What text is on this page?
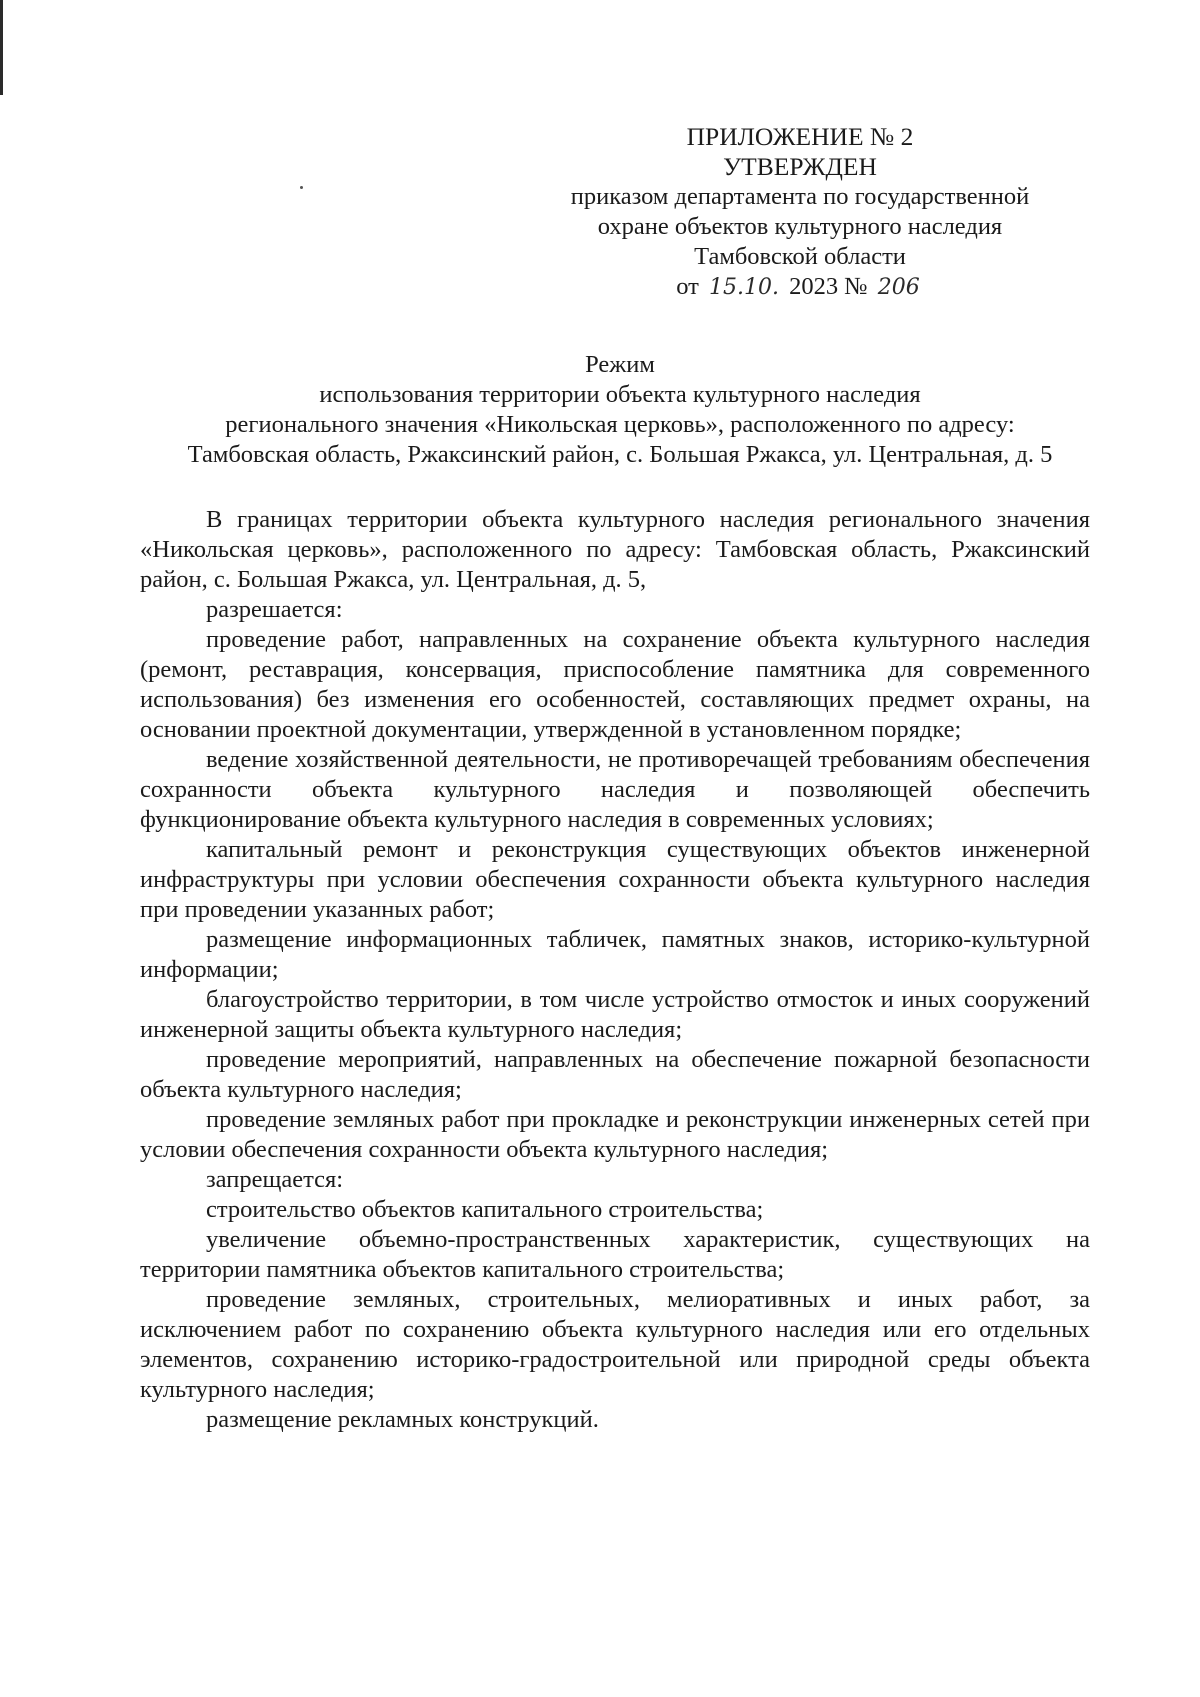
ПРИЛОЖЕНИЕ № 2
УТВЕРЖДЕН
приказом департамента по государственной
охране объектов культурного наследия
Тамбовской области
от 15.10. 2023 № 206
Режим
использования территории объекта культурного наследия
регионального значения «Никольская церковь», расположенного по адресу:
Тамбовская область, Ржаксинский район, с. Большая Ржакса, ул. Центральная, д. 5

В границах территории объекта культурного наследия регионального значения «Никольская церковь», расположенного по адресу: Тамбовская область, Ржаксинский район, с. Большая Ржакса, ул. Центральная, д. 5,

разрешается:

проведение работ, направленных на сохранение объекта культурного наследия (ремонт, реставрация, консервация, приспособление памятника для современного использования) без изменения его особенностей, составляющих предмет охраны, на основании проектной документации, утвержденной в установленном порядке;

ведение хозяйственной деятельности, не противоречащей требованиям обеспечения сохранности объекта культурного наследия и позволяющей обеспечить функционирование объекта культурного наследия в современных условиях;

капитальный ремонт и реконструкция существующих объектов инженерной инфраструктуры при условии обеспечения сохранности объекта культурного наследия при проведении указанных работ;

размещение информационных табличек, памятных знаков, историко-культурной информации;

благоустройство территории, в том числе устройство отмосток и иных сооружений инженерной защиты объекта культурного наследия;

проведение мероприятий, направленных на обеспечение пожарной безопасности объекта культурного наследия;

проведение земляных работ при прокладке и реконструкции инженерных сетей при условии обеспечения сохранности объекта культурного наследия;

запрещается:

строительство объектов капитального строительства;

увеличение объемно-пространственных характеристик, существующих на территории памятника объектов капитального строительства;

проведение земляных, строительных, мелиоративных и иных работ, за исключением работ по сохранению объекта культурного наследия или его отдельных элементов, сохранению историко-градостроительной или природной среды объекта культурного наследия;

размещение рекламных конструкций.
